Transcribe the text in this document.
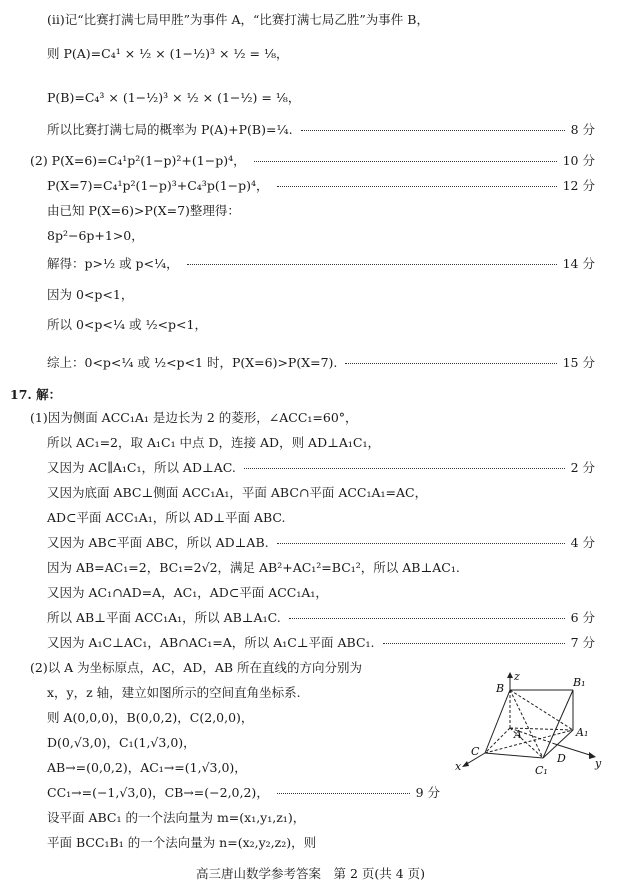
(ii)记“比赛打满七局甲胜”为事件 A，“比赛打满七局乙胜”为事件 B，
则 P(A)=C ₄¹ × ½ × (1−½)³ × ½ = ⅛，
P(B)=C ₄³ × (1−½)³ × ½ × (1−½) = ⅛，
所以比赛打满七局的概率为 P(A)+P(B)=¼.	8 分
(2) P(X=6)=C₄¹p²(1−p)²+(1−p)⁴，	10 分
P(X=7)=C₄¹p²(1−p)³+C₄³p(1−p)⁴，	12 分
由已知 P(X=6)>P(X=7)整理得：
8p²−6p+1>0，
解得：p>½ 或 p<¼，	14 分
因为 0<p<1，
所以 0<p<¼ 或 ½<p<1，
综上：0<p<¼ 或 ½<p<1 时，P(X=6)>P(X=7).	15 分
17. 解：
(1)因为侧面 ACC₁A₁ 是边长为 2 的菱形，∠ACC₁=60°，
所以 AC₁=2，取 A₁C₁ 中点 D，连接 AD，则 AD⊥A₁C₁，
又因为 AC∥A₁C₁，所以 AD⊥AC.	2 分
又因为底面 ABC⊥侧面 ACC₁A₁，平面 ABC∩平面 ACC₁A₁=AC，
AD⊂平面 ACC₁A₁，所以 AD⊥平面 ABC.
又因为 AB⊂平面 ABC，所以 AD⊥AB.	4 分
因为 AB=AC₁=2，BC₁=2√2，满足 AB²+AC₁²=BC₁²，所以 AB⊥AC₁.
又因为 AC₁∩AD=A，AC₁，AD⊂平面 ACC₁A₁，
所以 AB⊥平面 ACC₁A₁，所以 AB⊥A₁C.	6 分
又因为 A₁C⊥AC₁，AB∩AC₁=A，所以 A₁C⊥平面 ABC₁.	7 分
(2)以 A 为坐标原点，AC，AD，AB 所在直线的方向分别为
x，y，z 轴，建立如图所示的空间直角坐标系.
则 A(0,0,0)，B(0,0,2)，C(2,0,0)，
D(0,√3,0)，C₁(1,√3,0)，
AB→=(0,0,2)，AC₁→=(1,√3,0)，
CC₁→=(−1,√3,0)，CB→=(−2,0,2)，	9 分
设平面 ABC₁ 的一个法向量为 m=(x₁,y₁,z₁)，
平面 BCC₁B₁ 的一个法向量为 n=(x₂,y₂,z₂)，则
z
B	B₁
A	A₁
C
C₁
D
x	y
高三唐山数学参考答案　第 2 页(共 4 页)
